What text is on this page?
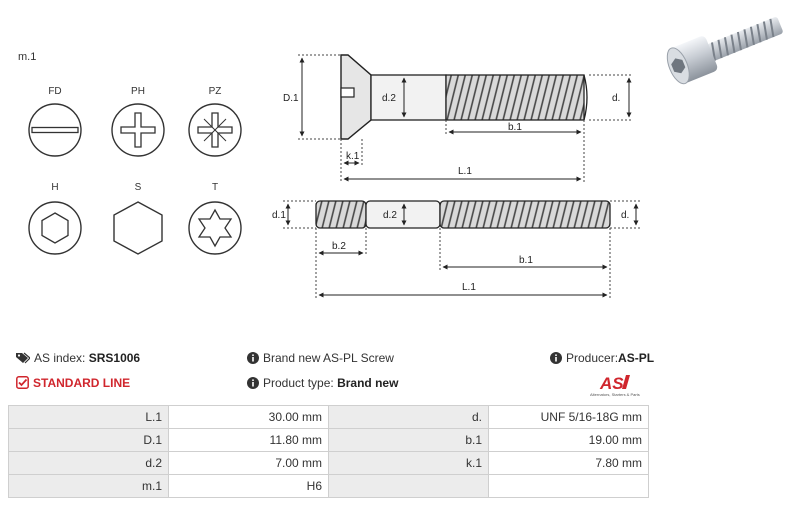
m.1
FD	PH	PZ
H	S	T
D.1	d.2	d.
b.1
k.1
L.1
d.1	d.2	d.
b.2
b.1
L.1
AS index: SRS1006
STANDARD LINE
Brand new AS-PL Screw
Product type: Brand new
Producer:AS-PL
AS
Alternators, Starters & Parts
L.1	30.00 mm	d.	UNF 5/16-18G mm
D.1	11.80 mm	b.1	19.00 mm
d.2	7.00 mm	k.1	7.80 mm
m.1	H6		
